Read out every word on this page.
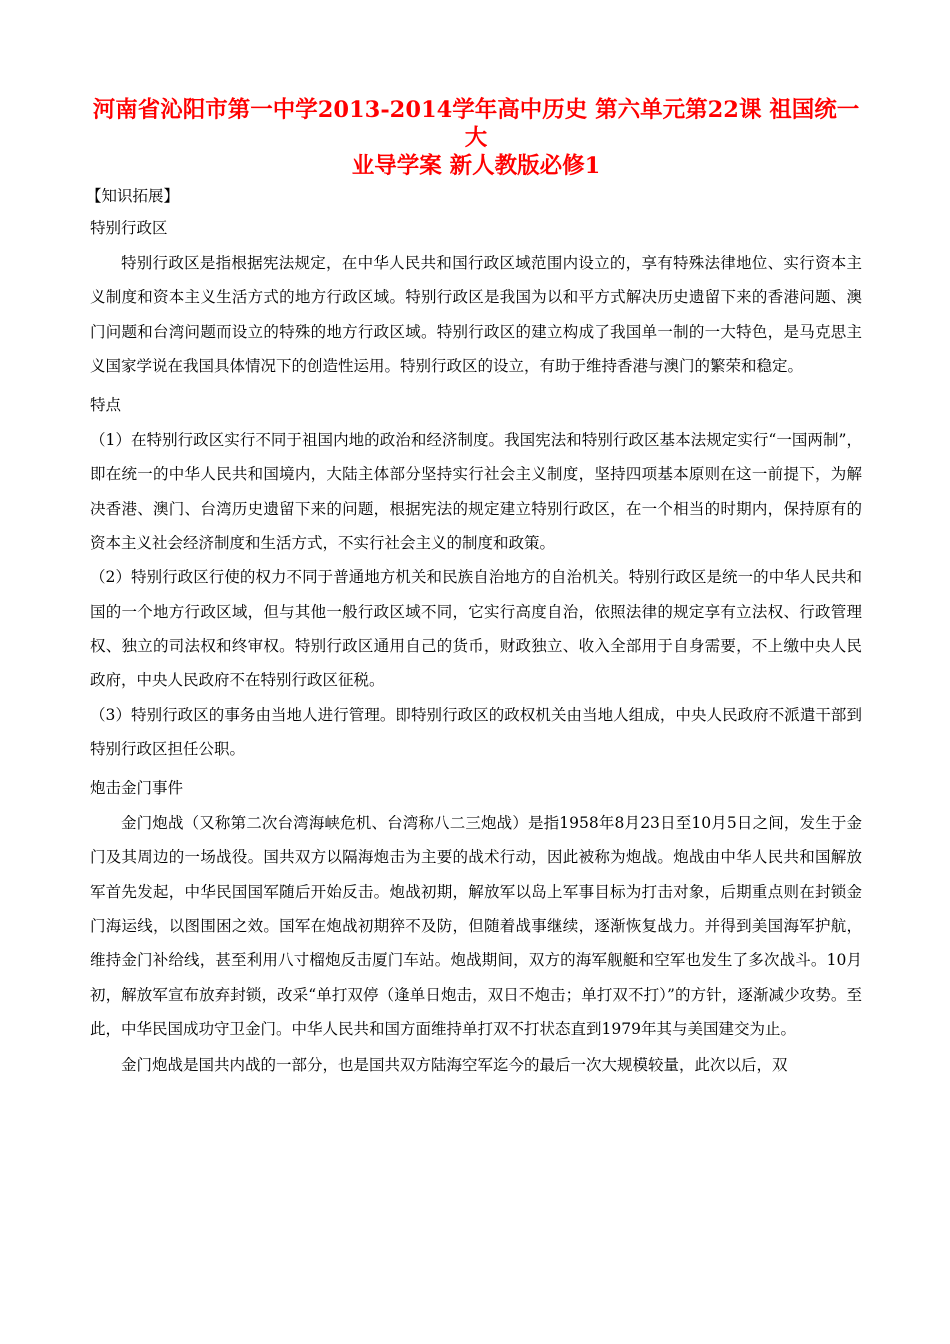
河南省沁阳市第一中学2013-2014学年高中历史 第六单元第22课 祖国统一大
业导学案 新人教版必修1
【知识拓展】
特别行政区

特别行政区是指根据宪法规定，在中华人民共和国行政区域范围内设立的，享有特殊法律地位、实行资本主义制度和资本主义生活方式的地方行政区域。特别行政区是我国为以和平方式解决历史遗留下来的香港问题、澳门问题和台湾问题而设立的特殊的地方行政区域。特别行政区的建立构成了我国单一制的一大特色，是马克思主义国家学说在我国具体情况下的创造性运用。特别行政区的设立，有助于维持香港与澳门的繁荣和稳定。

特点

（1）在特别行政区实行不同于祖国内地的政治和经济制度。我国宪法和特别行政区基本法规定实行“一国两制”，即在统一的中华人民共和国境内，大陆主体部分坚持实行社会主义制度，坚持四项基本原则在这一前提下，为解决香港、澳门、台湾历史遗留下来的问题，根据宪法的规定建立特别行政区，在一个相当的时期内，保持原有的资本主义社会经济制度和生活方式，不实行社会主义的制度和政策。

（2）特别行政区行使的权力不同于普通地方机关和民族自治地方的自治机关。特别行政区是统一的中华人民共和国的一个地方行政区域，但与其他一般行政区域不同，它实行高度自治，依照法律的规定享有立法权、行政管理权、独立的司法权和终审权。特别行政区通用自己的货币，财政独立、收入全部用于自身需要，不上缴中央人民政府，中央人民政府不在特别行政区征税。

（3）特别行政区的事务由当地人进行管理。即特别行政区的政权机关由当地人组成，中央人民政府不派遣干部到特别行政区担任公职。

炮击金门事件

金门炮战（又称第二次台湾海峡危机、台湾称八二三炮战）是指1958年8月23日至10月5日之间，发生于金门及其周边的一场战役。国共双方以隔海炮击为主要的战术行动，因此被称为炮战。炮战由中华人民共和国解放军首先发起，中华民国国军随后开始反击。炮战初期，解放军以岛上军事目标为打击对象，后期重点则在封锁金门海运线，以图围困之效。国军在炮战初期猝不及防，但随着战事继续，逐渐恢复战力。并得到美国海军护航，维持金门补给线，甚至利用八寸榴炮反击厦门车站。炮战期间，双方的海军舰艇和空军也发生了多次战斗。10月初，解放军宣布放弃封锁，改采“单打双停（逢单日炮击，双日不炮击；单打双不打）”的方针，逐渐减少攻势。至此，中华民国成功守卫金门。中华人民共和国方面维持单打双不打状态直到1979年其与美国建交为止。

金门炮战是国共内战的一部分，也是国共双方陆海空军迄今的最后一次大规模较量，此次以后，双
